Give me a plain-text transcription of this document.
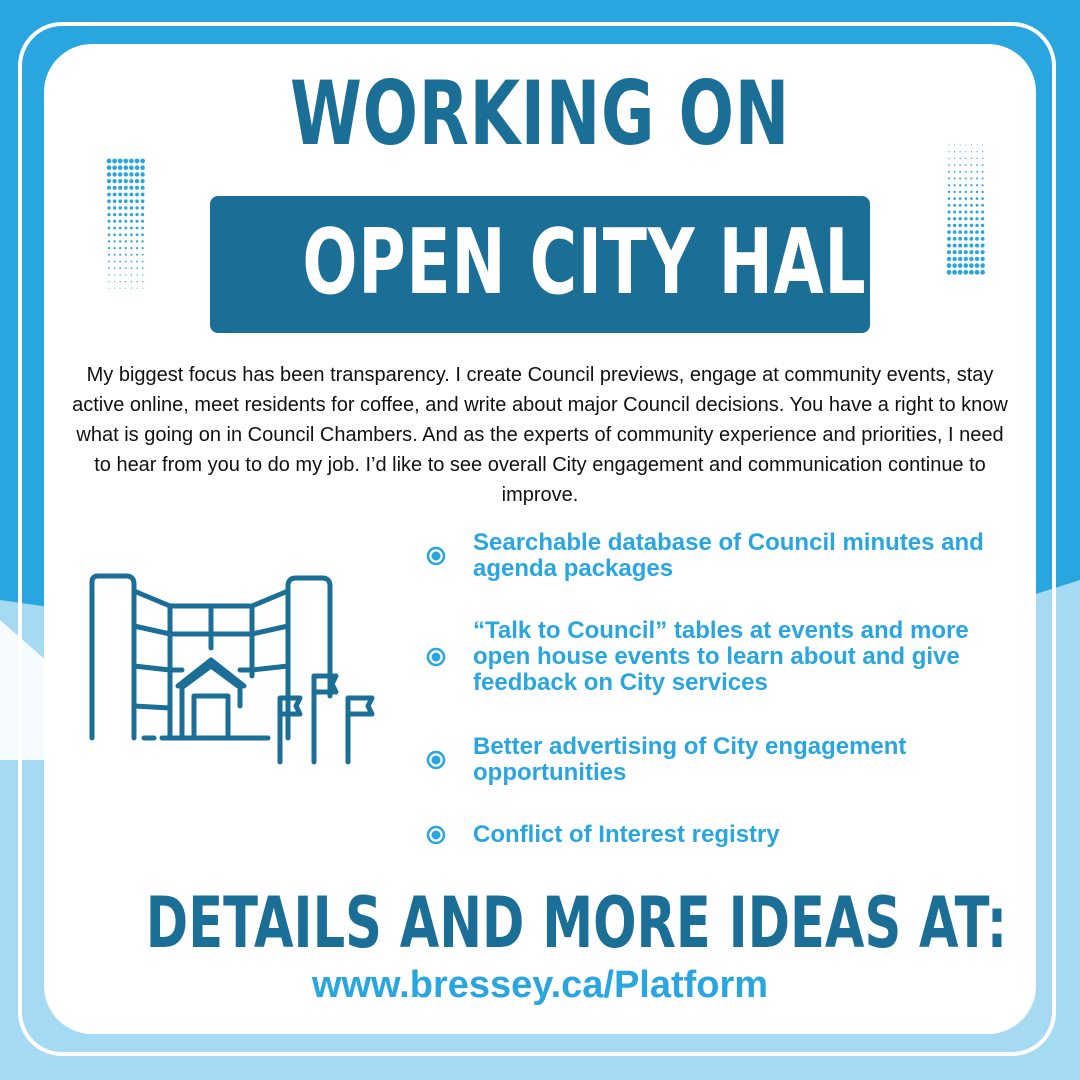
WORKING ON
OPEN CITY HALL
My biggest focus has been transparency. I create Council previews, engage at community events, stay active online, meet residents for coffee, and write about major Council decisions. You have a right to know what is going on in Council Chambers. And as the experts of community experience and priorities, I need to hear from you to do my job. I’d like to see overall City engagement and communication continue to improve.
Searchable database of Council minutes and agenda packages
“Talk to Council” tables at events and more open house events to learn about and give feedback on City services
Better advertising of City engagement opportunities
Conflict of Interest registry
DETAILS AND MORE IDEAS AT:
www.bressey.ca/Platform
